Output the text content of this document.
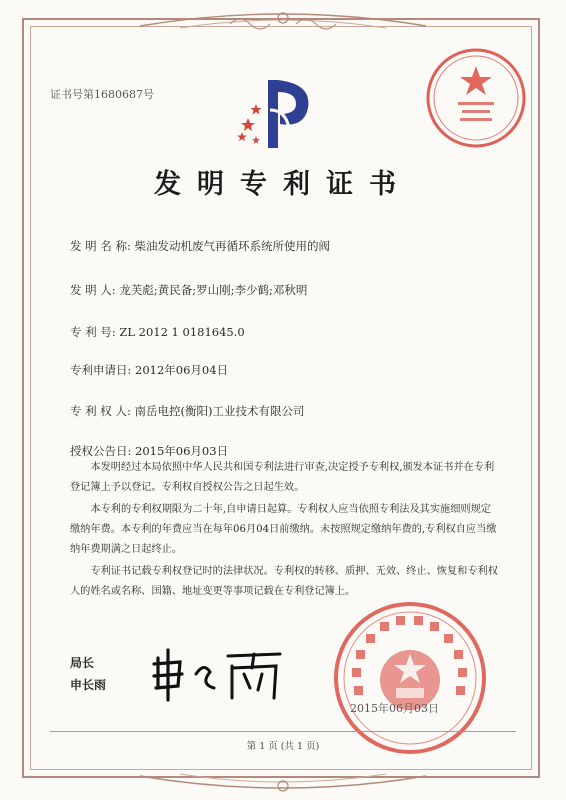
证书号第1680687号
发明专利证书
发 明 名 称: 柴油发动机废气再循环系统所使用的阀
发 明 人: 龙芙彪;黄民备;罗山刚;李少鹤;邓秋明
专 利 号: ZL 2012 1 0181645.0
专利申请日: 2012年06月04日
专 利 权 人: 南岳电控(衡阳)工业技术有限公司
授权公告日: 2015年06月03日
本发明经过本局依照中华人民共和国专利法进行审查,决定授予专利权,颁发本证书并在专利登记簿上予以登记。专利权自授权公告之日起生效。
本专利的专利权期限为二十年,自申请日起算。专利权人应当依照专利法及其实施细则规定缴纳年费。本专利的年费应当在每年06月04日前缴纳。未按照规定缴纳年费的,专利权自应当缴纳年费期满之日起终止。
专利证书记载专利权登记时的法律状况。专利权的转移、质押、无效、终止、恢复和专利权人的姓名或名称、国籍、地址变更等事项记载在专利登记簿上。
局长
申长雨
2015年06月03日
第 1 页 (共 1 页)
